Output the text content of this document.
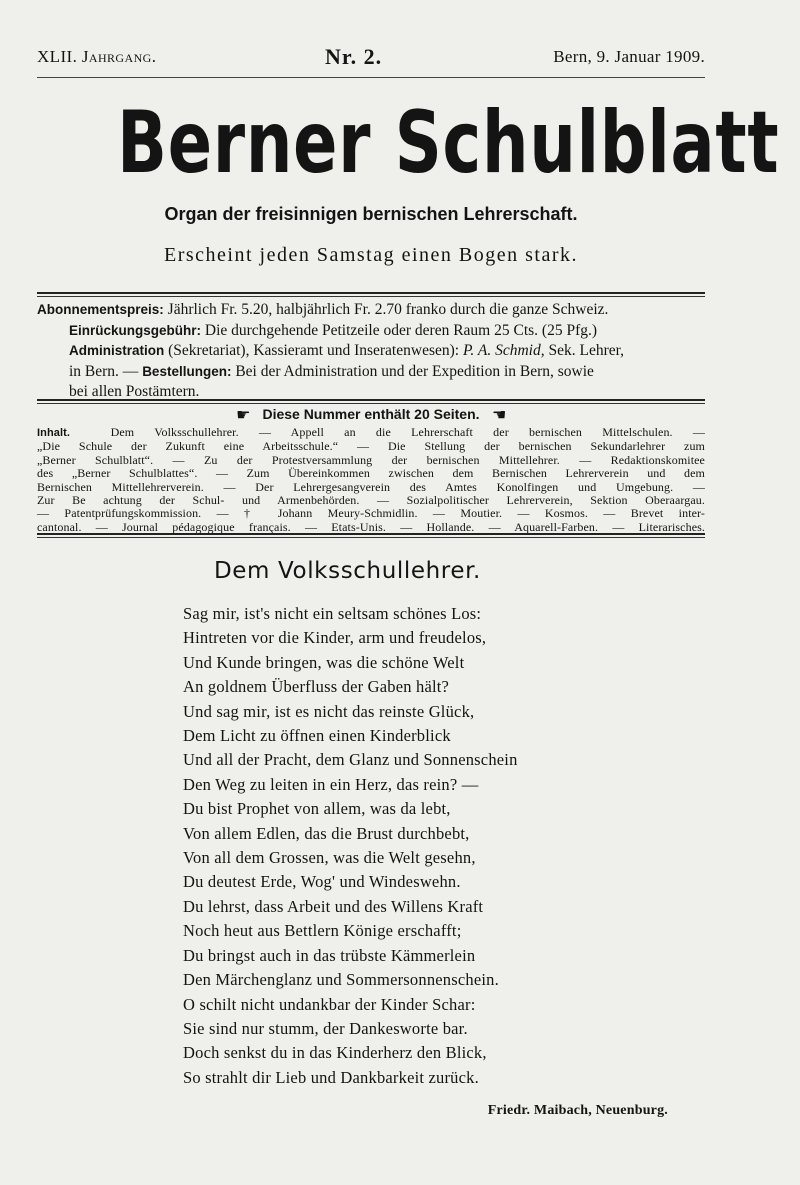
XLII. Jahrgang.	Nr. 2.	Bern, 9. Januar 1909.
Berner Schulblatt
Organ der freisinnigen bernischen Lehrerschaft.
Erscheint jeden Samstag einen Bogen stark.
Abonnementspreis: Jährlich Fr. 5.20, halbjährlich Fr. 2.70 franko durch die ganze Schweiz.
Einrückungsgebühr: Die durchgehende Petitzeile oder deren Raum 25 Cts. (25 Pfg.)
Administration (Sekretariat), Kassieramt und Inseratenwesen): P. A. Schmid, Sek. Lehrer,
in Bern. — Bestellungen: Bei der Administration und der Expedition in Bern, sowie
bei allen Postämtern.
☛ Diese Nummer enthält 20 Seiten. ☛
Inhalt.	Dem Volksschullehrer. — Appell an die Lehrerschaft der bernischen Mittelschulen. —
„Die Schule der Zukunft eine Arbeitsschule.“ — Die Stellung der bernischen Sekundarlehrer zum
„Berner Schulblatt“. — Zu der Protestversammlung der bernischen Mittellehrer. — Redaktionskomitee
des „Berner Schulblattes“. — Zum Übereinkommen zwischen dem Bernischen Lehrerverein und dem
Bernischen Mittellehrerverein. — Der Lehrergesangverein des Amtes Konolfingen und Umgebung. —
Zur Be achtung der Schul- und Armenbehörden. — Sozialpolitischer Lehrerverein, Sektion Oberaargau.
— Patentprüfungskommission. — † Johann Meury-Schmidlin. — Moutier. — Kosmos. — Brevet inter-
cantonal. — Journal pédagogique français. — Etats-Unis. — Hollande. — Aquarell-Farben. — Literarisches.
Dem Volksschullehrer.
Sag mir, ist's nicht ein seltsam schönes Los:
Hintreten vor die Kinder, arm und freudelos,
Und Kunde bringen, was die schöne Welt
An goldnem Überfluss der Gaben hält?
Und sag mir, ist es nicht das reinste Glück,
Dem Licht zu öffnen einen Kinderblick
Und all der Pracht, dem Glanz und Sonnenschein
Den Weg zu leiten in ein Herz, das rein? —
Du bist Prophet von allem, was da lebt,
Von allem Edlen, das die Brust durchbebt,
Von all dem Grossen, was die Welt gesehn,
Du deutest Erde, Wog' und Windeswehn.
Du lehrst, dass Arbeit und des Willens Kraft
Noch heut aus Bettlern Könige erschafft;
Du bringst auch in das trübste Kämmerlein
Den Märchenglanz und Sommersonnenschein.
O schilt nicht undankbar der Kinder Schar:
Sie sind nur stumm, der Dankesworte bar.
Doch senkst du in das Kinderherz den Blick,
So strahlt dir Lieb und Dankbarkeit zurück.
Friedr. Maibach, Neuenburg.
